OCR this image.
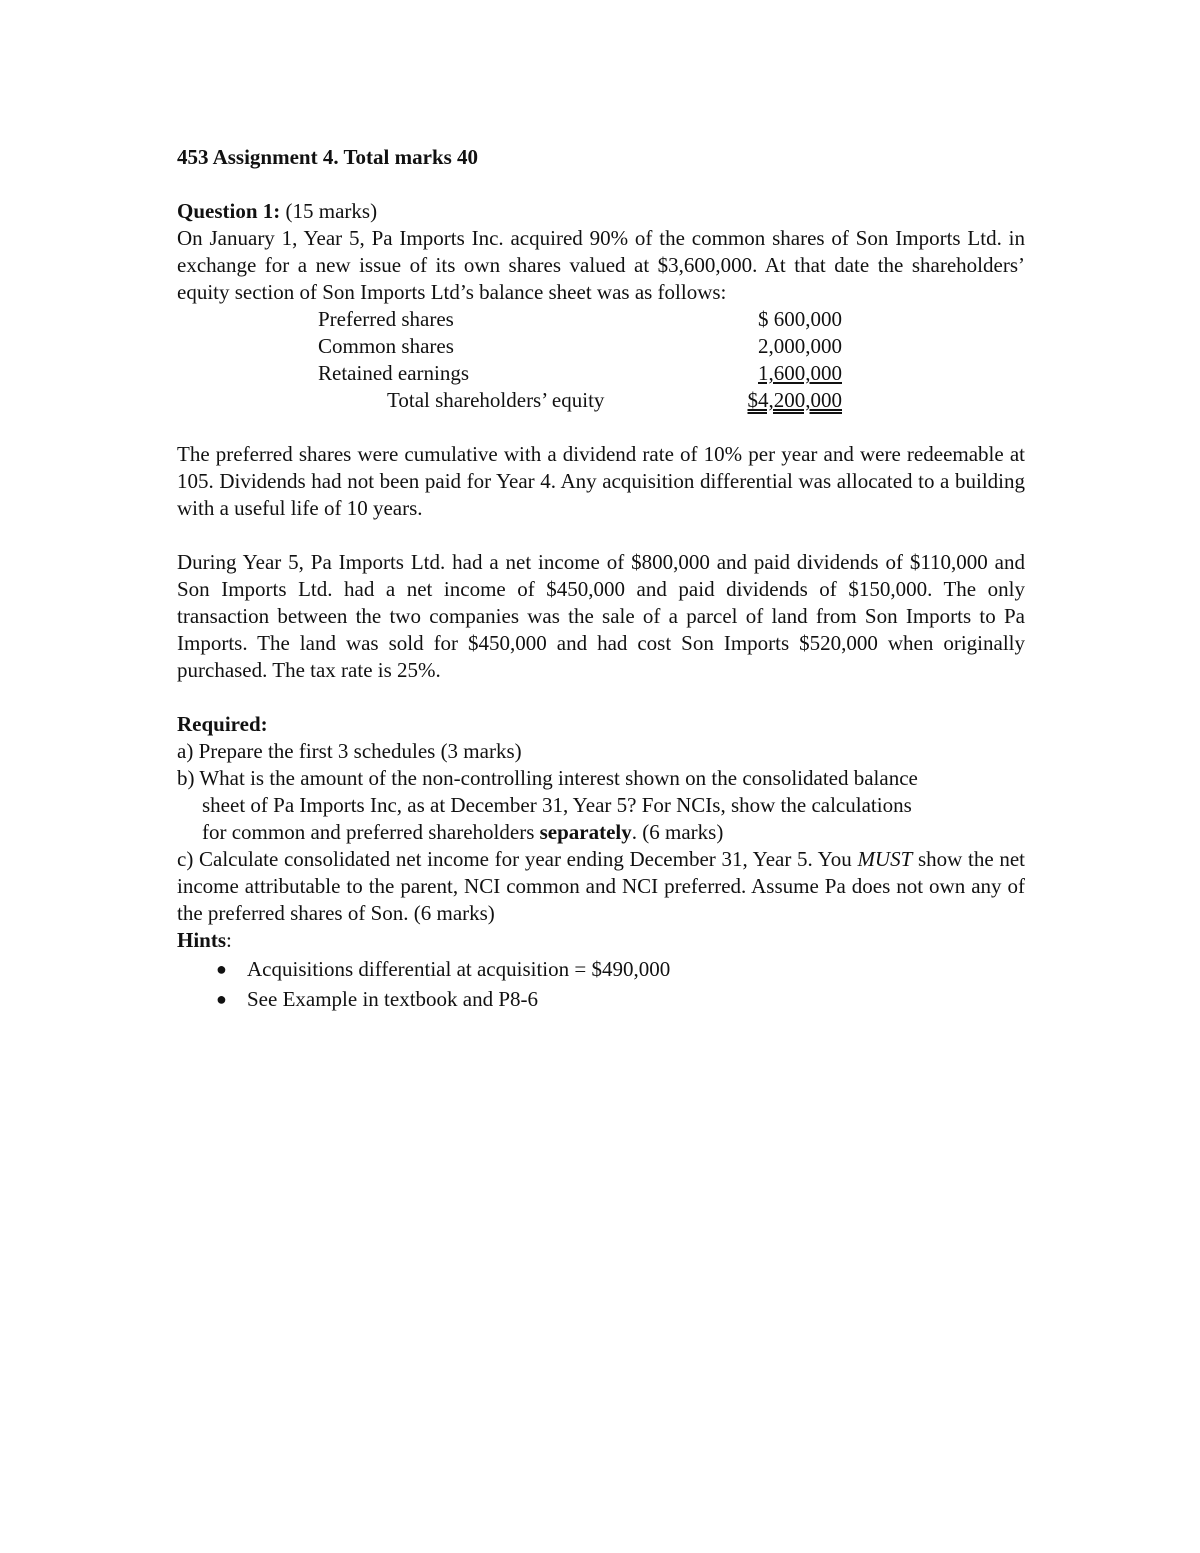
453 Assignment 4. Total marks 40

Question 1: (15 marks)

On January 1, Year 5, Pa Imports Inc. acquired 90% of the common shares of Son Imports Ltd. in exchange for a new issue of its own shares valued at $3,600,000. At that date the shareholders’ equity section of Son Imports Ltd’s balance sheet was as follows:

Preferred shares	$ 600,000
Common shares	2,000,000
Retained earnings	1,600,000
Total shareholders’ equity	$4,200,000

The preferred shares were cumulative with a dividend rate of 10% per year and were redeemable at 105. Dividends had not been paid for Year 4. Any acquisition differential was allocated to a building with a useful life of 10 years.

During Year 5, Pa Imports Ltd. had a net income of $800,000 and paid dividends of $110,000 and Son Imports Ltd. had a net income of $450,000 and paid dividends of $150,000. The only transaction between the two companies was the sale of a parcel of land from Son Imports to Pa Imports. The land was sold for $450,000 and had cost Son Imports $520,000 when originally purchased. The tax rate is 25%.

Required:

a) Prepare the first 3 schedules (3 marks)

b) What is the amount of the non-controlling interest shown on the consolidated balance

sheet of Pa Imports Inc, as at December 31, Year 5? For NCIs, show the calculations

for common and preferred shareholders separately. (6 marks)

c) Calculate consolidated net income for year ending December 31, Year 5. You MUST show the net income attributable to the parent, NCI common and NCI preferred. Assume Pa does not own any of the preferred shares of Son. (6 marks)

Hints:

● Acquisitions differential at acquisition = $490,000
● See Example in textbook and P8-6
